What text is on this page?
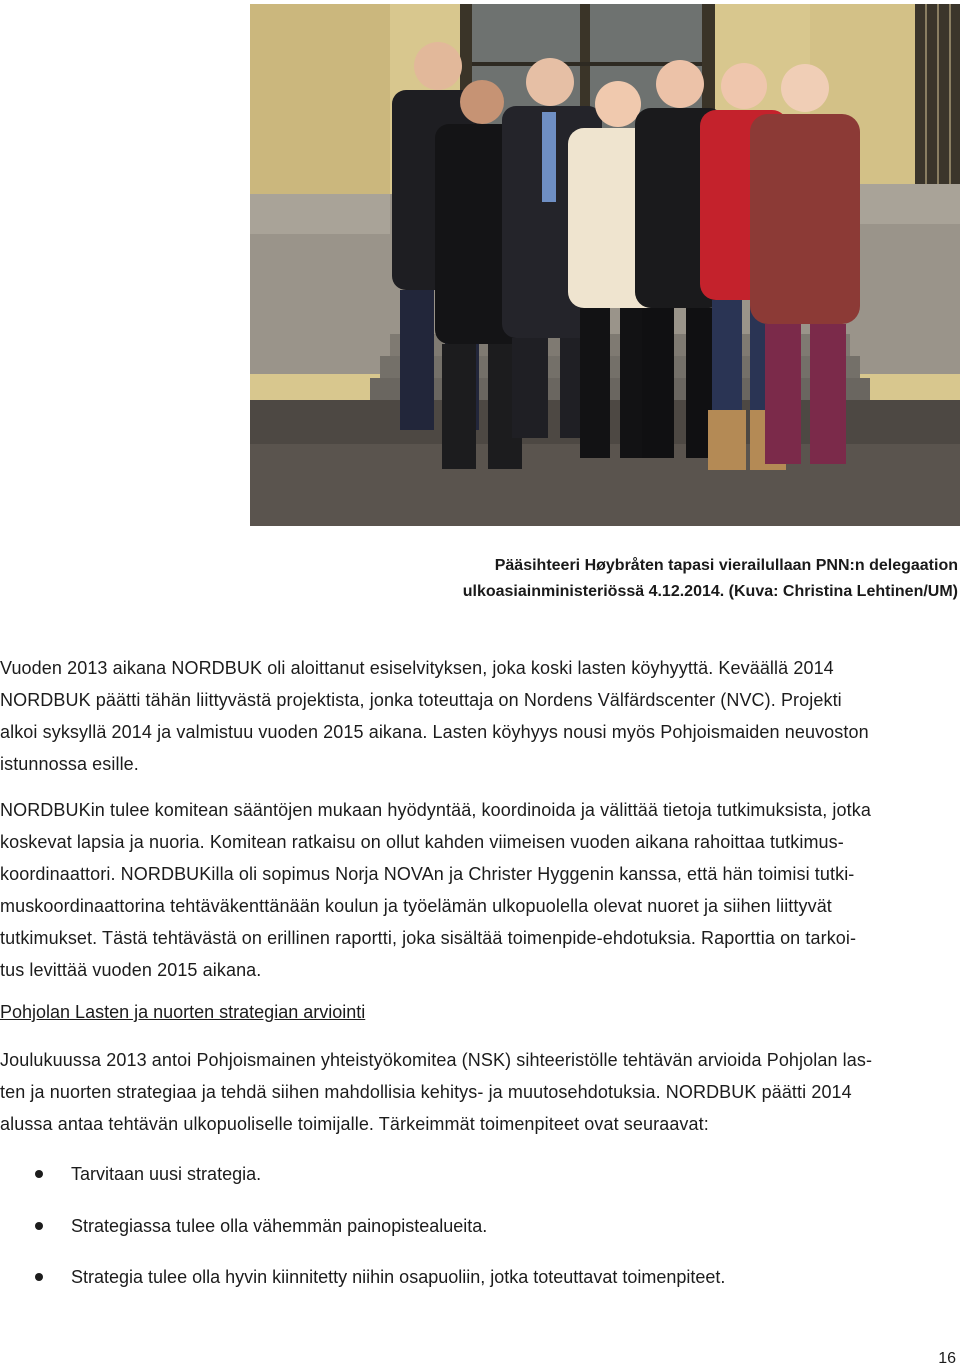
Pääsihteeri Høybråten tapasi vierailullaan PNN:n delegaation
ulkoasiainministeriössä 4.12.2014. (Kuva: Christina Lehtinen/UM)
Vuoden 2013 aikana NORDBUK oli aloittanut esiselvityksen, joka koski lasten köyhyyttä. Keväällä 2014
NORDBUK päätti tähän liittyvästä projektista, jonka toteuttaja on Nordens Välfärdscenter (NVC). Projekti
alkoi syksyllä 2014 ja valmistuu vuoden 2015 aikana. Lasten köyhyys nousi myös Pohjoismaiden neuvoston
istunnossa esille.
NORDBUKin tulee komitean sääntöjen mukaan hyödyntää, koordinoida ja välittää tietoja tutkimuksista, jotka
koskevat lapsia ja nuoria. Komitean ratkaisu on ollut kahden viimeisen vuoden aikana rahoittaa tutkimus-
koordinaattori. NORDBUKilla oli sopimus Norja NOVAn ja Christer Hyggenin kanssa, että hän toimisi tutki-
muskoordinaattorina tehtäväkenttänään koulun ja työelämän ulkopuolella olevat nuoret ja siihen liittyvät
tutkimukset. Tästä tehtävästä on erillinen raportti, joka sisältää toimenpide-ehdotuksia. Raporttia on tarkoi-
tus levittää vuoden 2015 aikana.
Pohjolan Lasten ja nuorten strategian arviointi
Joulukuussa 2013 antoi Pohjoismainen yhteistyökomitea (NSK) sihteeristölle tehtävän arvioida Pohjolan las-
ten ja nuorten strategiaa ja tehdä siihen mahdollisia kehitys- ja muutosehdotuksia. NORDBUK päätti 2014
alussa antaa tehtävän ulkopuoliselle toimijalle. Tärkeimmät toimenpiteet ovat seuraavat:
Tarvitaan uusi strategia.
Strategiassa tulee olla vähemmän painopistealueita.
Strategia tulee olla hyvin kiinnitetty niihin osapuoliin, jotka toteuttavat toimenpiteet.
16
